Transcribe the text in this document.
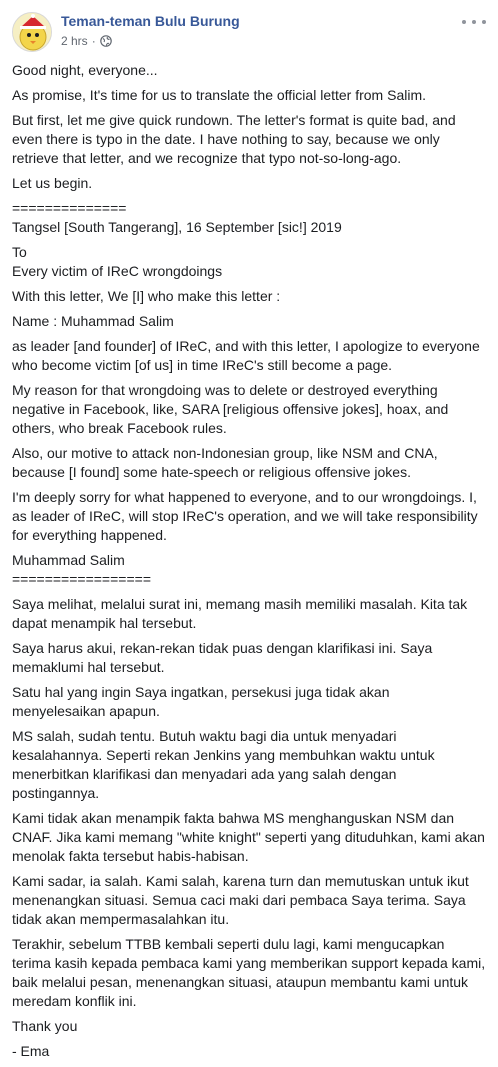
Teman-teman Bulu Burung
2 hrs ·

Good night, everyone...

As promise, It's time for us to translate the official letter from Salim.

But first, let me give quick rundown. The letter's format is quite bad, and even there is typo in the date. I have nothing to say, because we only retrieve that letter, and we recognize that typo not-so-long-ago.

Let us begin.

==============
Tangsel [South Tangerang], 16 September [sic!] 2019

To
Every victim of IReC wrongdoings

With this letter, We [I] who make this letter :

Name : Muhammad Salim

as leader [and founder] of IReC, and with this letter, I apologize to everyone who become victim [of us] in time IReC's still become a page.

My reason for that wrongdoing was to delete or destroyed everything negative in Facebook, like, SARA [religious offensive jokes], hoax, and others, who break Facebook rules.

Also, our motive to attack non-Indonesian group, like NSM and CNA, because [I found] some hate-speech or religious offensive jokes.

I'm deeply sorry for what happened to everyone, and to our wrongdoings. I, as leader of IReC, will stop IReC's operation, and we will take responsibility for everything happened.

Muhammad Salim
=================

Saya melihat, melalui surat ini, memang masih memiliki masalah. Kita tak dapat menampik hal tersebut.

Saya harus akui, rekan-rekan tidak puas dengan klarifikasi ini. Saya memaklumi hal tersebut.

Satu hal yang ingin Saya ingatkan, persekusi juga tidak akan menyelesaikan apapun.

MS salah, sudah tentu. Butuh waktu bagi dia untuk menyadari kesalahannya. Seperti rekan Jenkins yang membuhkan waktu untuk menerbitkan klarifikasi dan menyadari ada yang salah dengan postingannya.

Kami tidak akan menampik fakta bahwa MS menghanguskan NSM dan CNAF. Jika kami memang "white knight" seperti yang dituduhkan, kami akan menolak fakta tersebut habis-habisan.

Kami sadar, ia salah. Kami salah, karena turn dan memutuskan untuk ikut menenangkan situasi. Semua caci maki dari pembaca Saya terima. Saya tidak akan mempermasalahkan itu.

Terakhir, sebelum TTBB kembali seperti dulu lagi, kami mengucapkan terima kasih kepada pembaca kami yang memberikan support kepada kami, baik melalui pesan, menenangkan situasi, ataupun membantu kami untuk meredam konflik ini.

Thank you

- Ema
